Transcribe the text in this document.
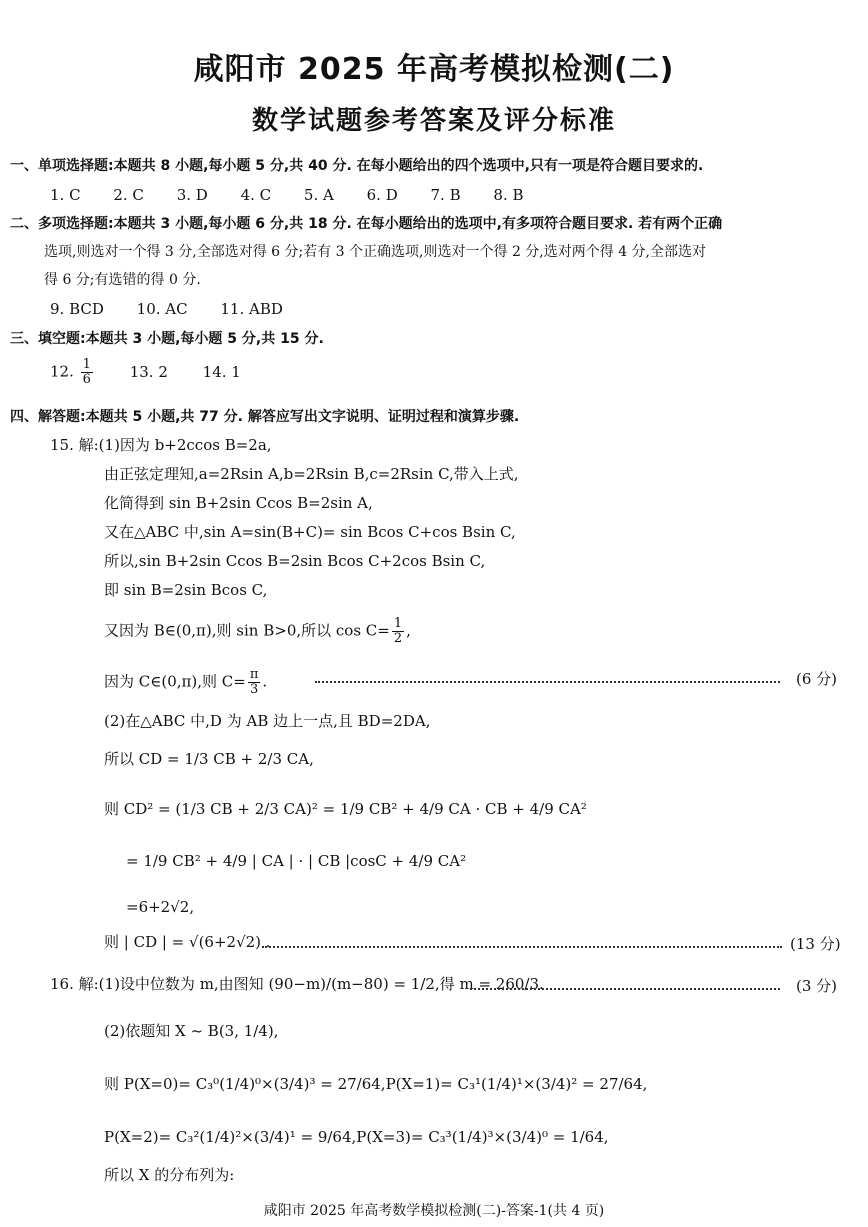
咸阳市 2025 年高考模拟检测(二)
数学试题参考答案及评分标准
一、单项选择题:本题共 8 小题,每小题 5 分,共 40 分. 在每小题给出的四个选项中,只有一项是符合题目要求的.
1. C 2. C 3. D 4. C 5. A 6. D 7. B 8. B
二、多项选择题:本题共 3 小题,每小题 6 分,共 18 分. 在每小题给出的选项中,有多项符合题目要求. 若有两个正确
选项,则选对一个得 3 分,全部选对得 6 分;若有 3 个正确选项,则选对一个得 2 分,选对两个得 4 分,全部选对
得 6 分;有选错的得 0 分.
9. BCD 10. AC 11. ABD
三、填空题:本题共 3 小题,每小题 5 分,共 15 分.
12. $\frac{1}{6} 13$. 2 14. 1
四、解答题:本题共 5 小题,共 77 分. 解答应写出文字说明、证明过程和演算步骤.
15. 解:(1)因为 b+2ccos B=2a,
由正弦定理知,a=2Rsin A,b=2Rsin B,c=2Rsin C,带入上式,
化简得到 sin B+2sin Ccos B=2sin A,
又在△ABC 中,sin A=sin(B+C)= sin Bcos C+cos Bsin C,
所以,sin B+2sin Ccos B=2sin Bcos C+2cos Bsin C,
即 sin B=2sin Bcos C,
又因为 B∈(0,π),则 sin B>0,所以 $\cos C= \frac{1}{2}$ ,
因为 C∈(0,π),则 $C= \frac{\pi}{3}$ .	(6 分)
(2)在△ABC 中,D 为 AB 边上一点,且 BD=2DA,
所以 CD = 1/3 CB + 2/3 CA,
则 CD² = (1/3 CB + 2/3 CA)² = 1/9 CB² + 4/9 CA · CB + 4/9 CA²
= 1/9 CB² + 4/9 | CA | · | CB |cosC + 4/9 CA²
=6+2√2,
则 | CD | = √(6+2√2) .	(13 分)
16. 解:(1)设中位数为 m,由图知 (90−m)/(m−80) = 1/2,得 m = 260/3.	(3 分)
(2)依题知 X ~ B(3, 1/4),
则 P(X=0)= C₃⁰(1/4)⁰×(3/4)³ = 27/64,P(X=1)= C₃¹(1/4)¹×(3/4)² = 27/64,
P(X=2)= C₃²(1/4)²×(3/4)¹ = 9/64,P(X=3)= C₃³(1/4)³×(3/4)⁰ = 1/64,
所以 X 的分布列为:
咸阳市 2025 年高考数学模拟检测(二)-答案-1(共 4 页)
